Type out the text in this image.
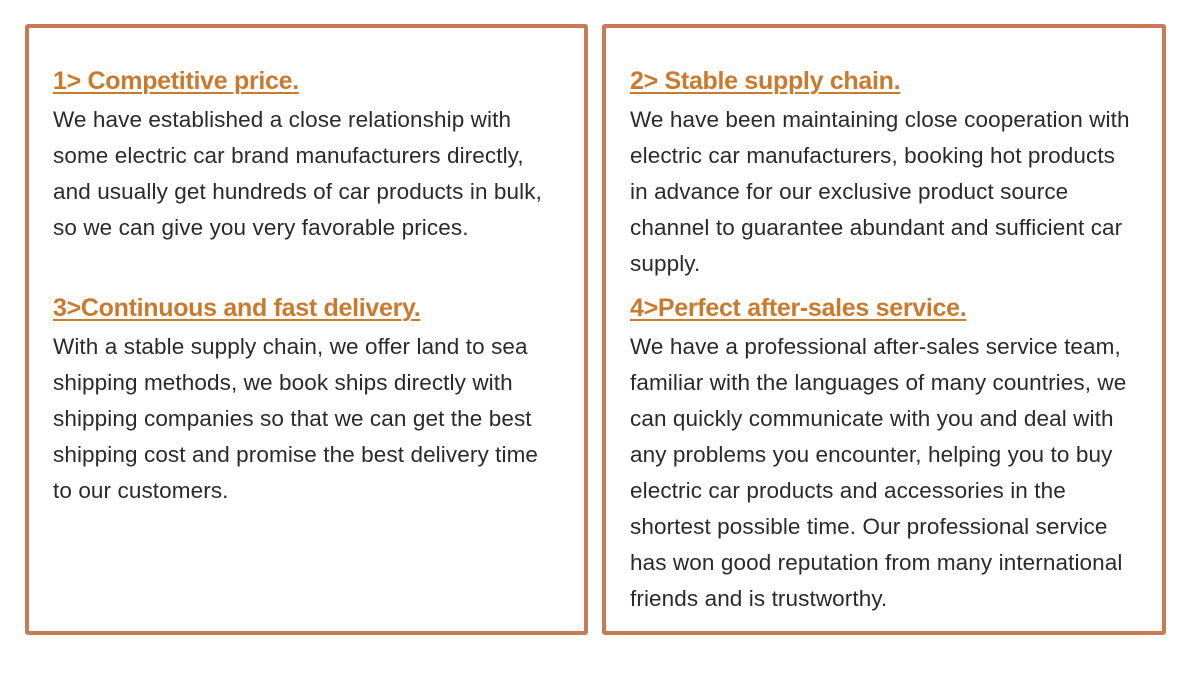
1> Competitive price.

We have established a close relationship with
some electric car brand manufacturers directly,
and usually get hundreds of car products in bulk,
so we can give you very favorable prices.

3>Continuous and fast delivery.

With a stable supply chain, we offer land to sea
shipping methods, we book ships directly with
shipping companies so that we can get the best
shipping cost and promise the best delivery time
to our customers.

2> Stable supply chain.

We have been maintaining close cooperation with
electric car manufacturers, booking hot products
in advance for our exclusive product source
channel to guarantee abundant and sufficient car
supply.

4>Perfect after-sales service.

We have a professional after-sales service team,
familiar with the languages of many countries, we
can quickly communicate with you and deal with
any problems you encounter, helping you to buy
electric car products and accessories in the
shortest possible time. Our professional service
has won good reputation from many international
friends and is trustworthy.
